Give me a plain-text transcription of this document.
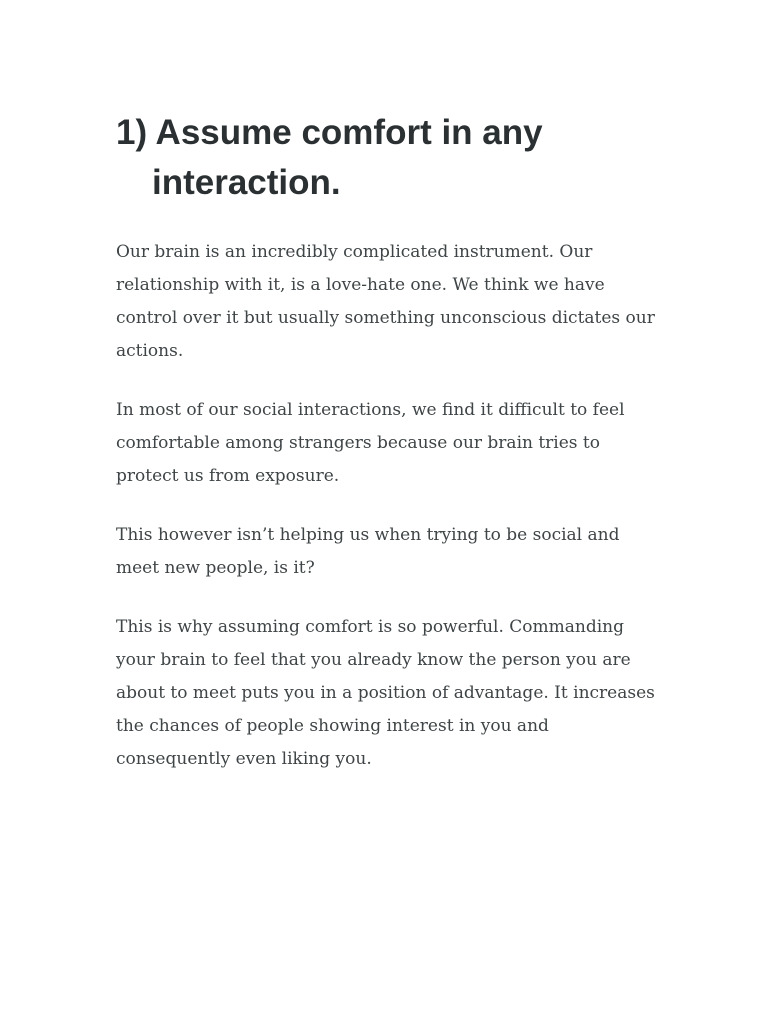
1) Assume comfort in any interaction.

Our brain is an incredibly complicated instrument. Our relationship with it, is a love-hate one. We think we have control over it but usually something unconscious dictates our actions.

In most of our social interactions, we find it difficult to feel comfortable among strangers because our brain tries to protect us from exposure.

This however isn’t helping us when trying to be social and meet new people, is it?

This is why assuming comfort is so powerful. Commanding your brain to feel that you already know the person you are about to meet puts you in a position of advantage. It increases the chances of people showing interest in you and consequently even liking you.
